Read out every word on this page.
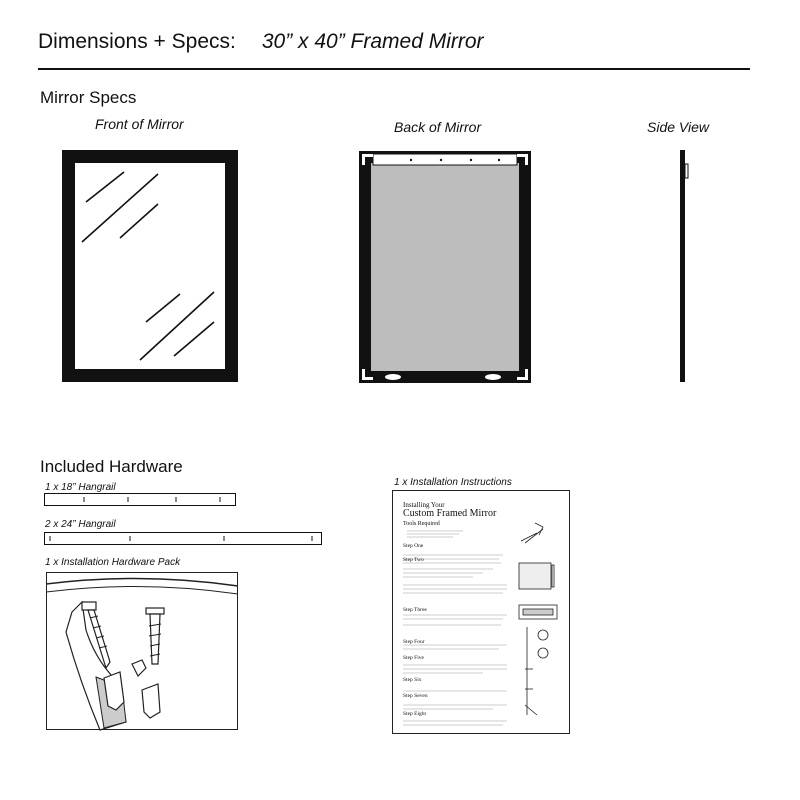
Dimensions + Specs: 30” x 40” Framed Mirror
Mirror Specs
Front of Mirror	Back of Mirror	Side View
Included Hardware
1 x 18” Hangrail
2 x 24” Hangrail
1 x Installation Hardware Pack
1 x Installation Instructions
Installing Your
Custom Framed Mirror
Tools Required
Step One
Step Two
Step Three
Step Four
Step Five
Step Six
Step Seven
Step Eight
